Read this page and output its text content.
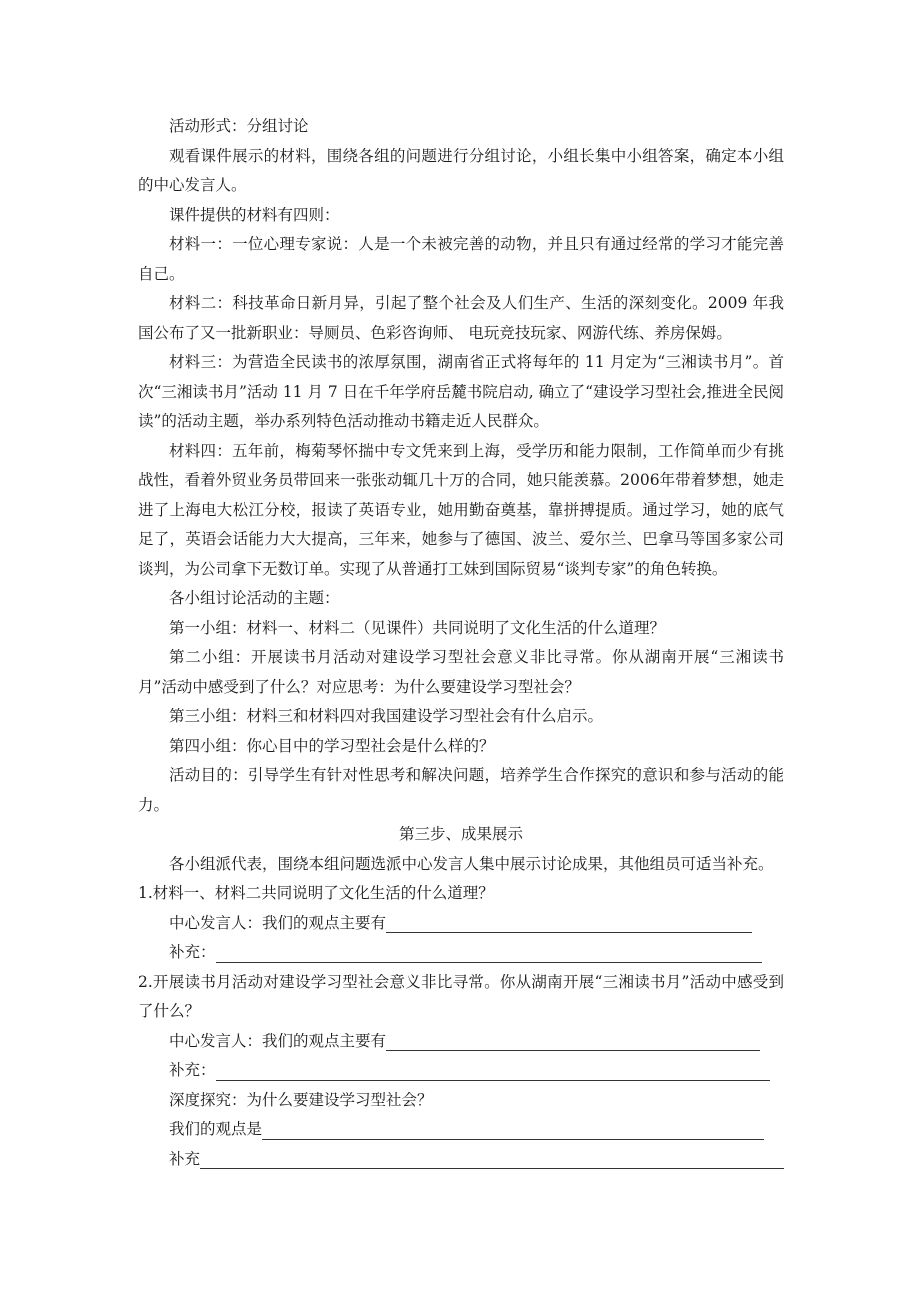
活动形式：分组讨论

观看课件展示的材料，围绕各组的问题进行分组讨论，小组长集中小组答案，确定本小组的中心发言人。

课件提供的材料有四则：

材料一：一位心理专家说：人是一个未被完善的动物，并且只有通过经常的学习才能完善自己。

材料二：科技革命日新月异，引起了整个社会及人们生产、生活的深刻变化。2009 年我国公布了又一批新职业：导厕员、色彩咨询师、 电玩竞技玩家、网游代练、养房保姆。

材料三：为营造全民读书的浓厚氛围，湖南省正式将每年的 11 月定为“三湘读书月”。首次“三湘读书月”活动 11 月 7 日在千年学府岳麓书院启动, 确立了“建设学习型社会,推进全民阅读”的活动主题，举办系列特色活动推动书籍走近人民群众。

材料四：五年前，梅菊琴怀揣中专文凭来到上海，受学历和能力限制，工作简单而少有挑战性，看着外贸业务员带回来一张张动辄几十万的合同，她只能羡慕。2006年带着梦想，她走进了上海电大松江分校，报读了英语专业，她用勤奋奠基，靠拼搏提质。通过学习，她的底气足了，英语会话能力大大提高，三年来，她参与了德国、波兰、爱尔兰、巴拿马等国多家公司谈判，为公司拿下无数订单。实现了从普通打工妹到国际贸易“谈判专家”的角色转换。

各小组讨论活动的主题：

第一小组：材料一、材料二（见课件）共同说明了文化生活的什么道理？

第二小组：开展读书月活动对建设学习型社会意义非比寻常。你从湖南开展“三湘读书月”活动中感受到了什么？对应思考：为什么要建设学习型社会？

第三小组：材料三和材料四对我国建设学习型社会有什么启示。

第四小组：你心目中的学习型社会是什么样的？

活动目的：引导学生有针对性思考和解决问题，培养学生合作探究的意识和参与活动的能力。

第三步、成果展示

各小组派代表，围绕本组问题选派中心发言人集中展示讨论成果，其他组员可适当补充。

1.材料一、材料二共同说明了文化生活的什么道理？

中心发言人：我们的观点主要有
补充：

2.开展读书月活动对建设学习型社会意义非比寻常。你从湖南开展“三湘读书月”活动中感受到了什么？

中心发言人：我们的观点主要有
补充：

深度探究：为什么要建设学习型社会？

我们的观点是
补充
